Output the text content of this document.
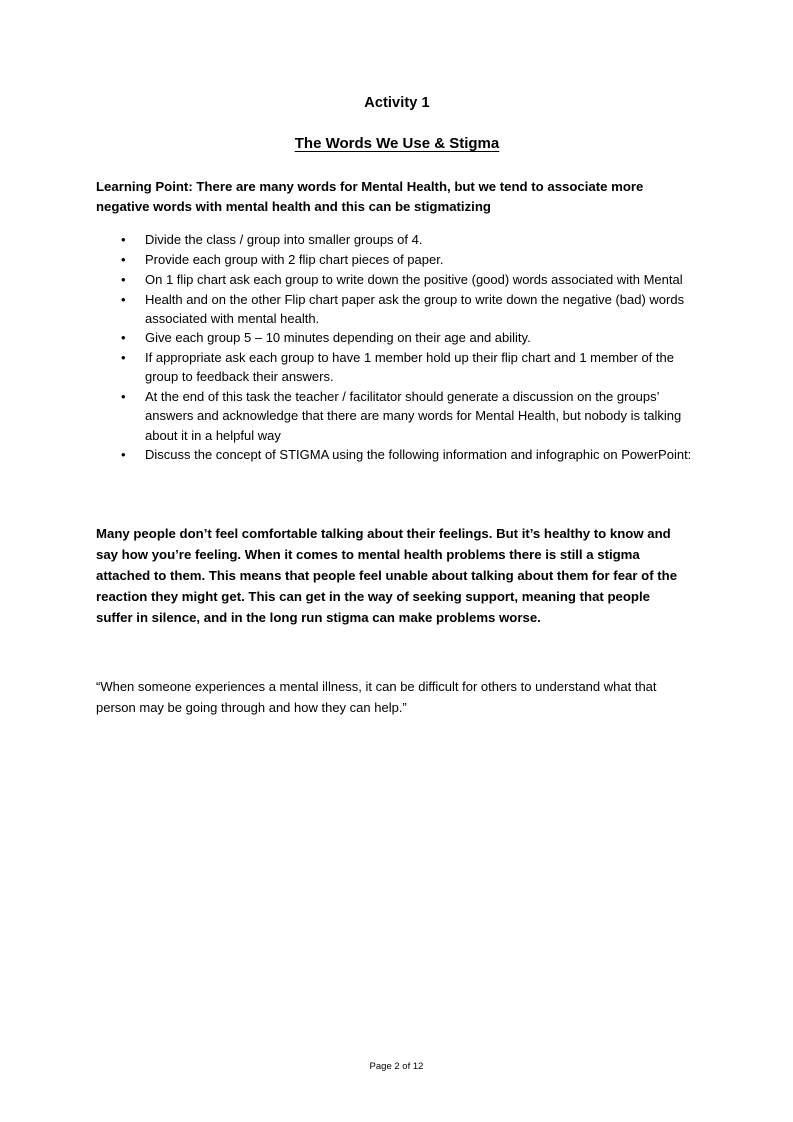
Activity 1
The Words We Use & Stigma

Learning Point: There are many words for Mental Health, but we tend to associate more negative words with mental health and this can be stigmatizing

• Divide the class / group into smaller groups of 4.
• Provide each group with 2 flip chart pieces of paper.
• On 1 flip chart ask each group to write down the positive (good) words associated with Mental
• Health and on the other Flip chart paper ask the group to write down the negative (bad) words associated with mental health.
• Give each group 5 – 10 minutes depending on their age and ability.
• If appropriate ask each group to have 1 member hold up their flip chart and 1 member of the group to feedback their answers.
• At the end of this task the teacher / facilitator should generate a discussion on the groups’ answers and acknowledge that there are many words for Mental Health, but nobody is talking about it in a helpful way
• Discuss the concept of STIGMA using the following information and infographic on PowerPoint:

Many people don’t feel comfortable talking about their feelings. But it’s healthy to know and say how you’re feeling. When it comes to mental health problems there is still a stigma attached to them. This means that people feel unable about talking about them for fear of the reaction they might get. This can get in the way of seeking support, meaning that people suffer in silence, and in the long run stigma can make problems worse.

“When someone experiences a mental illness, it can be difficult for others to understand what that person may be going through and how they can help.”

Page 2 of 12
